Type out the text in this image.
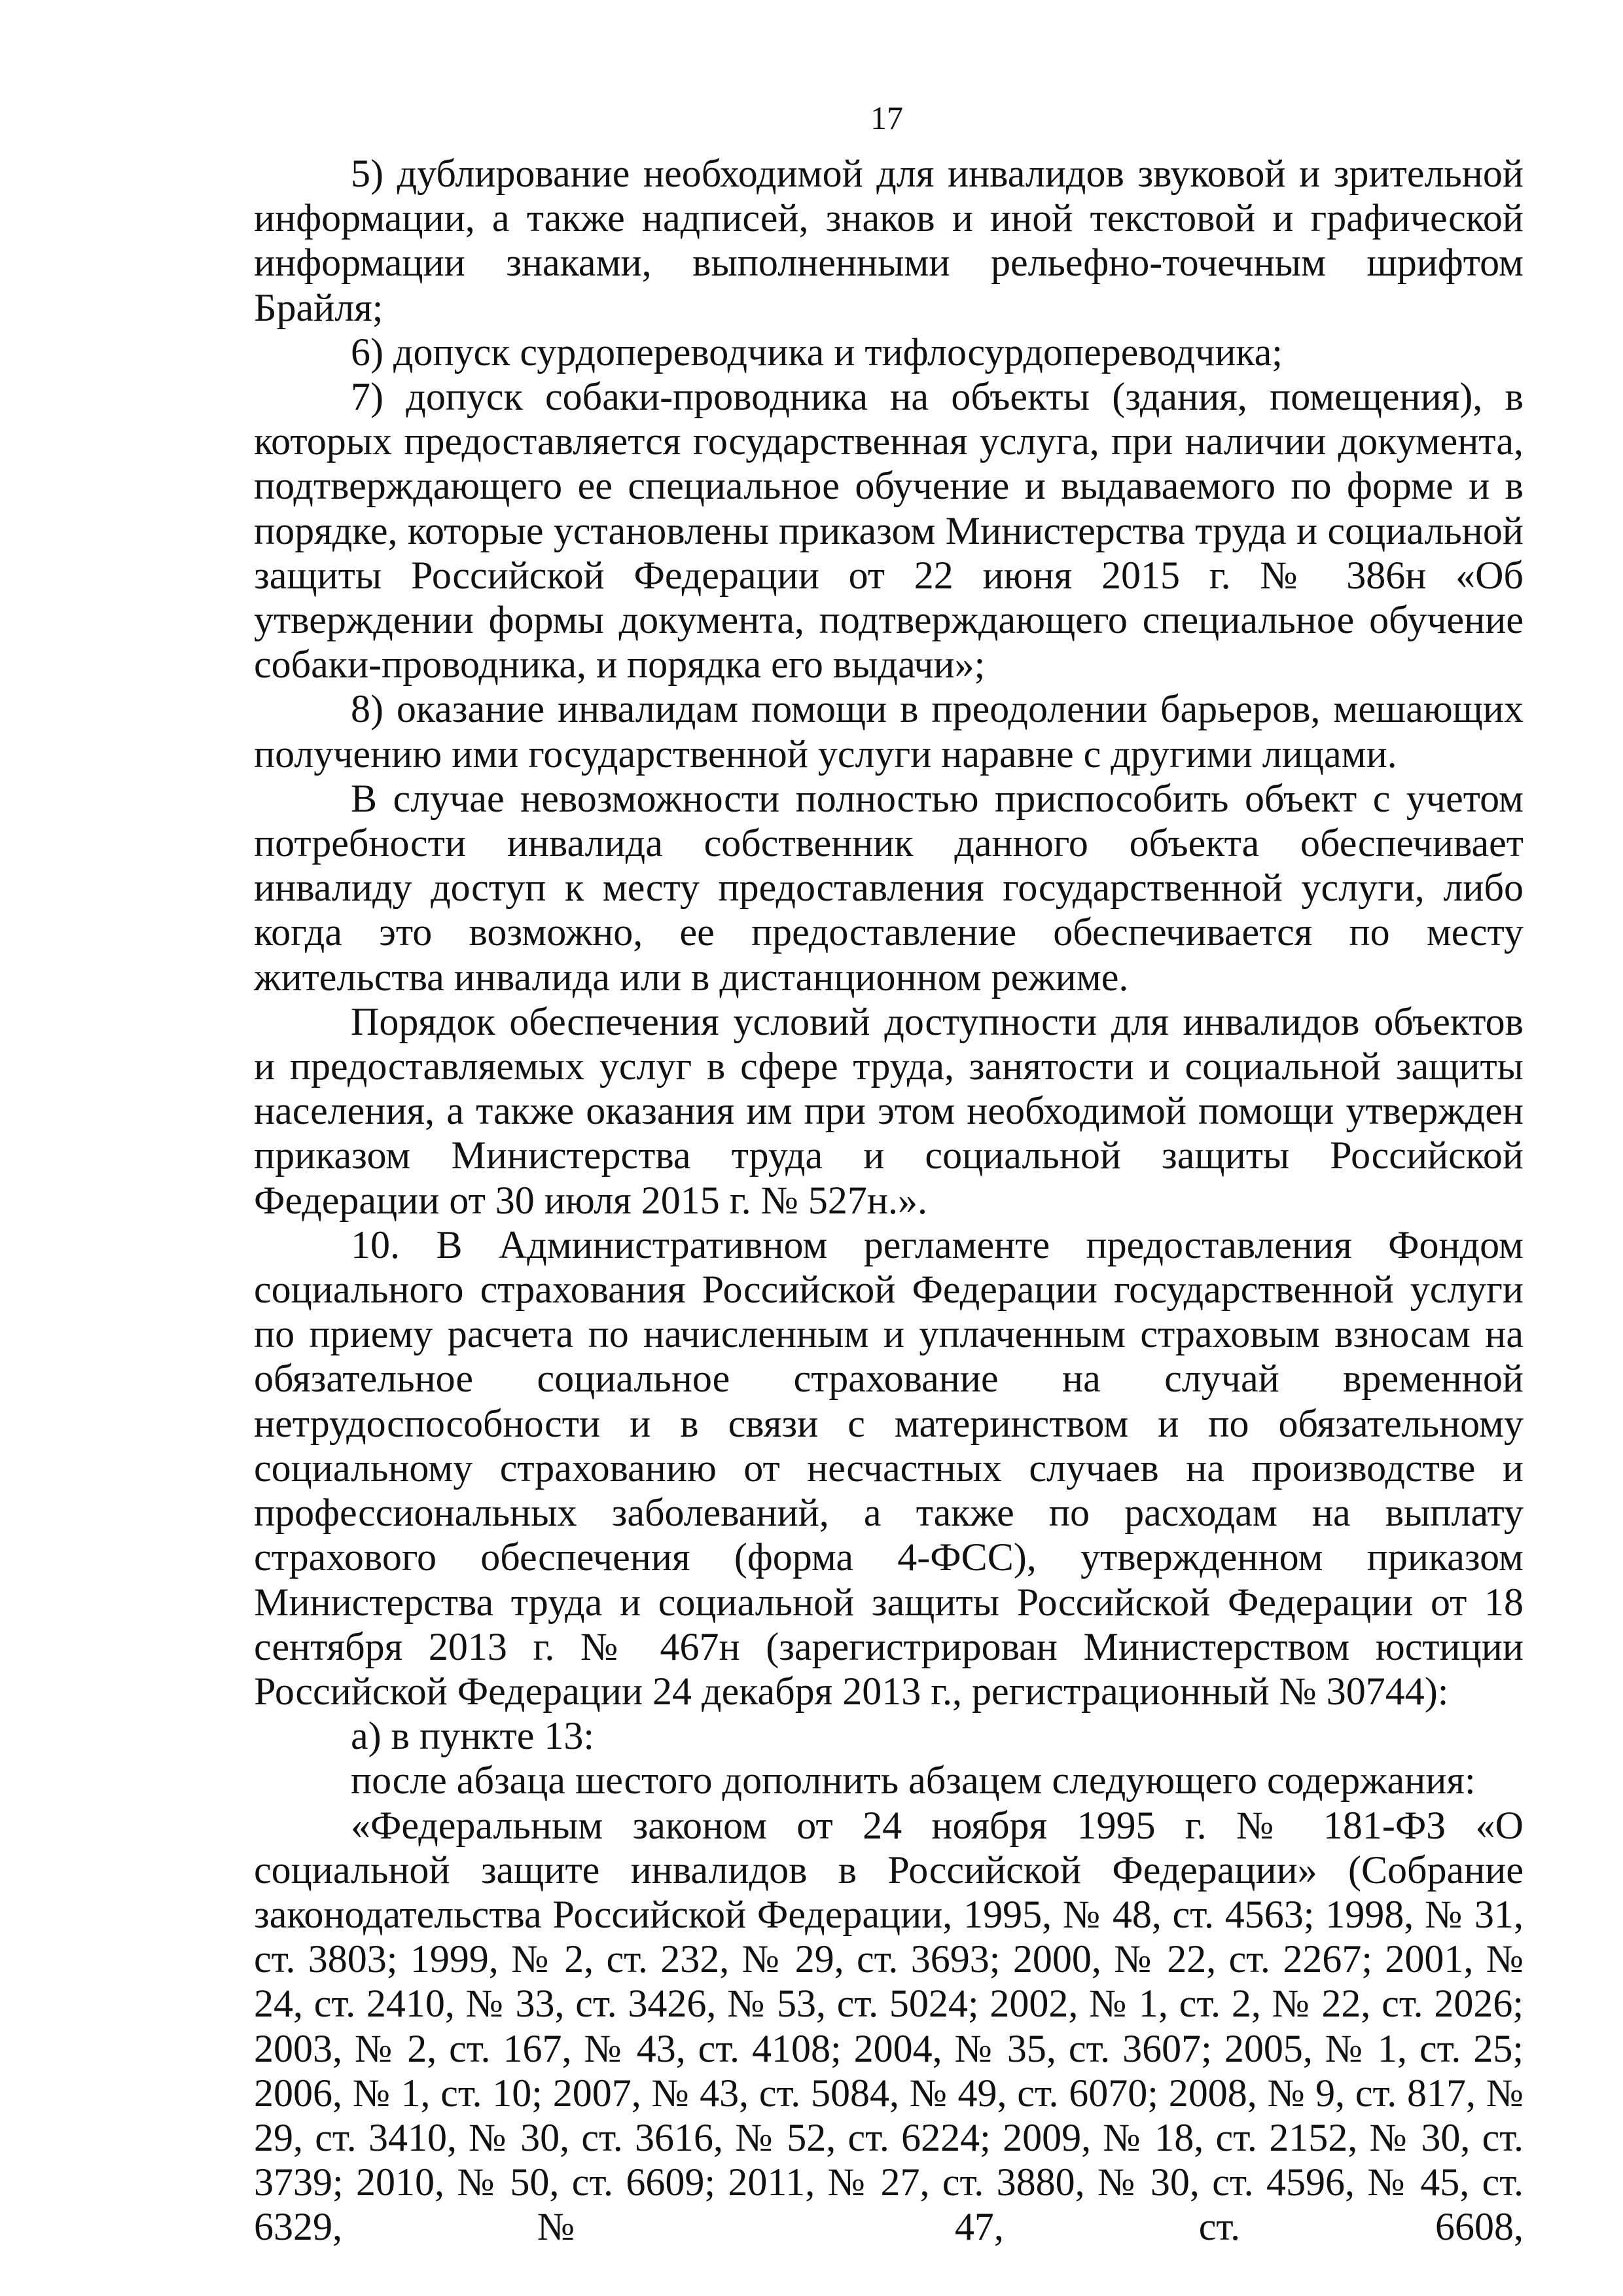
17

5) дублирование необходимой для инвалидов звуковой и зрительной информации, а также надписей, знаков и иной текстовой и графической информации знаками, выполненными рельефно-точечным шрифтом Брайля;

6) допуск сурдопереводчика и тифлосурдопереводчика;

7) допуск собаки-проводника на объекты (здания, помещения), в которых предоставляется государственная услуга, при наличии документа, подтверждающего ее специальное обучение и выдаваемого по форме и в порядке, которые установлены приказом Министерства труда и социальной защиты Российской Федерации от 22 июня 2015 г. № 386н «Об утверждении формы документа, подтверждающего специальное обучение собаки-проводника, и порядка его выдачи»;

8) оказание инвалидам помощи в преодолении барьеров, мешающих получению ими государственной услуги наравне с другими лицами.

В случае невозможности полностью приспособить объект с учетом потребности инвалида собственник данного объекта обеспечивает инвалиду доступ к месту предоставления государственной услуги, либо когда это возможно, ее предоставление обеспечивается по месту жительства инвалида или в дистанционном режиме.

Порядок обеспечения условий доступности для инвалидов объектов и предоставляемых услуг в сфере труда, занятости и социальной защиты населения, а также оказания им при этом необходимой помощи утвержден приказом Министерства труда и социальной защиты Российской Федерации от 30 июля 2015 г. № 527н.».

10. В Административном регламенте предоставления Фондом социального страхования Российской Федерации государственной услуги по приему расчета по начисленным и уплаченным страховым взносам на обязательное социальное страхование на случай временной нетрудоспособности и в связи с материнством и по обязательному социальному страхованию от несчастных случаев на производстве и профессиональных заболеваний, а также по расходам на выплату страхового обеспечения (форма 4-ФСС), утвержденном приказом Министерства труда и социальной защиты Российской Федерации от 18 сентября 2013 г. № 467н (зарегистрирован Министерством юстиции Российской Федерации 24 декабря 2013 г., регистрационный № 30744):

а) в пункте 13:

после абзаца шестого дополнить абзацем следующего содержания:

«Федеральным законом от 24 ноября 1995 г. № 181-ФЗ «О социальной защите инвалидов в Российской Федерации» (Собрание законодательства Российской Федерации, 1995, № 48, ст. 4563; 1998, № 31, ст. 3803; 1999, № 2, ст. 232, № 29, ст. 3693; 2000, № 22, ст. 2267; 2001, № 24, ст. 2410, № 33, ст. 3426, № 53, ст. 5024; 2002, № 1, ст. 2, № 22, ст. 2026; 2003, № 2, ст. 167, № 43, ст. 4108; 2004, № 35, ст. 3607; 2005, № 1, ст. 25; 2006, № 1, ст. 10; 2007, № 43, ст. 5084, № 49, ст. 6070; 2008, № 9, ст. 817, № 29, ст. 3410, № 30, ст. 3616, № 52, ст. 6224; 2009, № 18, ст. 2152, № 30, ст. 3739; 2010, № 50, ст. 6609; 2011, № 27, ст. 3880, № 30, ст. 4596, № 45, ст. 6329, № 47, ст. 6608,
